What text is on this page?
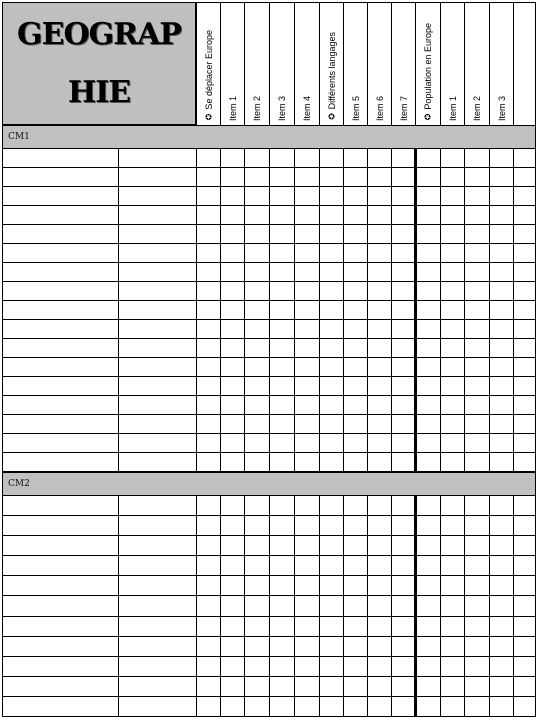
GEOGRAP
HIE
✪ Se déplacer Europe Item 1 Item 2 Item 3 Item 4 ✪ Différents langages Item 5 Item 6 Item 7 ✪ Population en Europe Item 1 Item 2 Item 3
CM1
CM2
